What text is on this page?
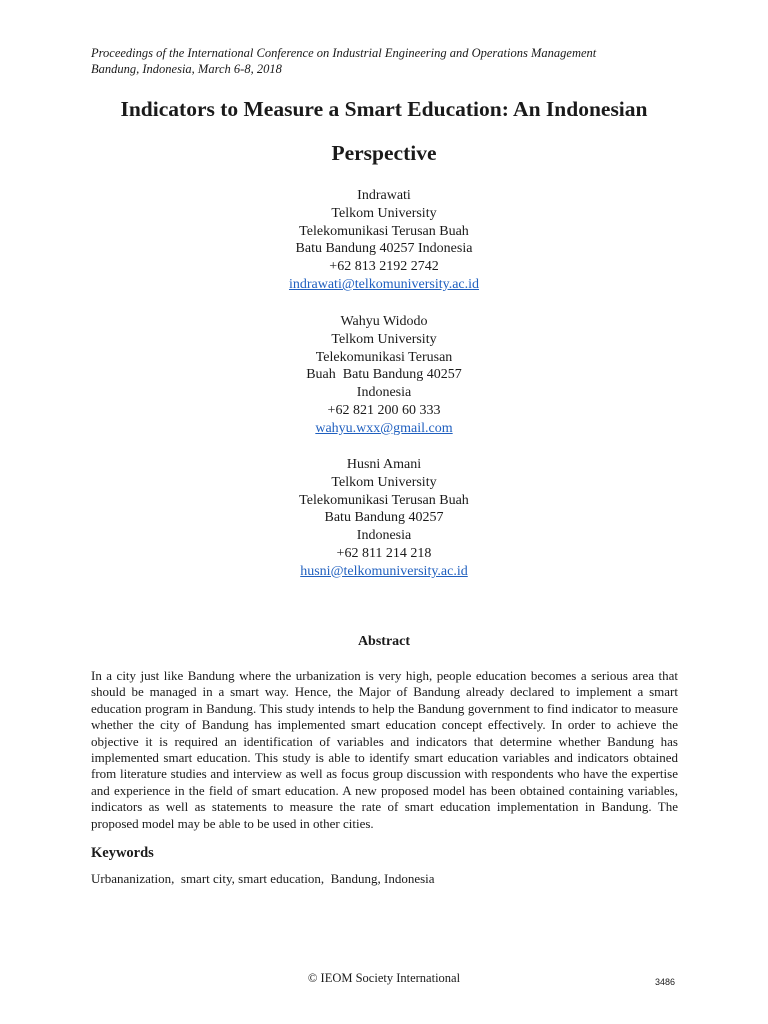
Proceedings of the International Conference on Industrial Engineering and Operations Management
Bandung, Indonesia, March 6-8, 2018
Indicators to Measure a Smart Education: An Indonesian
Perspective
Indrawati
Telkom University
Telekomunikasi Terusan Buah
Batu Bandung 40257 Indonesia
+62 813 2192 2742
indrawati@telkomuniversity.ac.id
Wahyu Widodo
Telkom University
Telekomunikasi Terusan
Buah  Batu Bandung 40257
Indonesia
+62 821 200 60 333
wahyu.wxx@gmail.com
Husni Amani
Telkom University
Telekomunikasi Terusan Buah
Batu Bandung 40257
Indonesia
+62 811 214 218
husni@telkomuniversity.ac.id
Abstract
In a city just like Bandung where the urbanization is very high, people education becomes a serious area that should be managed in a smart way. Hence, the Major of Bandung already declared to implement a smart education program in Bandung. This study intends to help the Bandung government to find indicator to measure whether the city of Bandung has implemented smart education concept effectively. In order to achieve the objective it is required an identification of variables and indicators that determine whether Bandung has implemented smart education. This study is able to identify smart education variables and indicators obtained from literature studies and interview as well as focus group discussion with respondents who have the expertise and experience in the field of smart education. A new proposed model has been obtained containing variables, indicators as well as statements to measure the rate of smart education implementation in Bandung. The proposed model may be able to be used in other cities.
Keywords
Urbananization,  smart city, smart education,  Bandung, Indonesia
© IEOM Society International	3486
